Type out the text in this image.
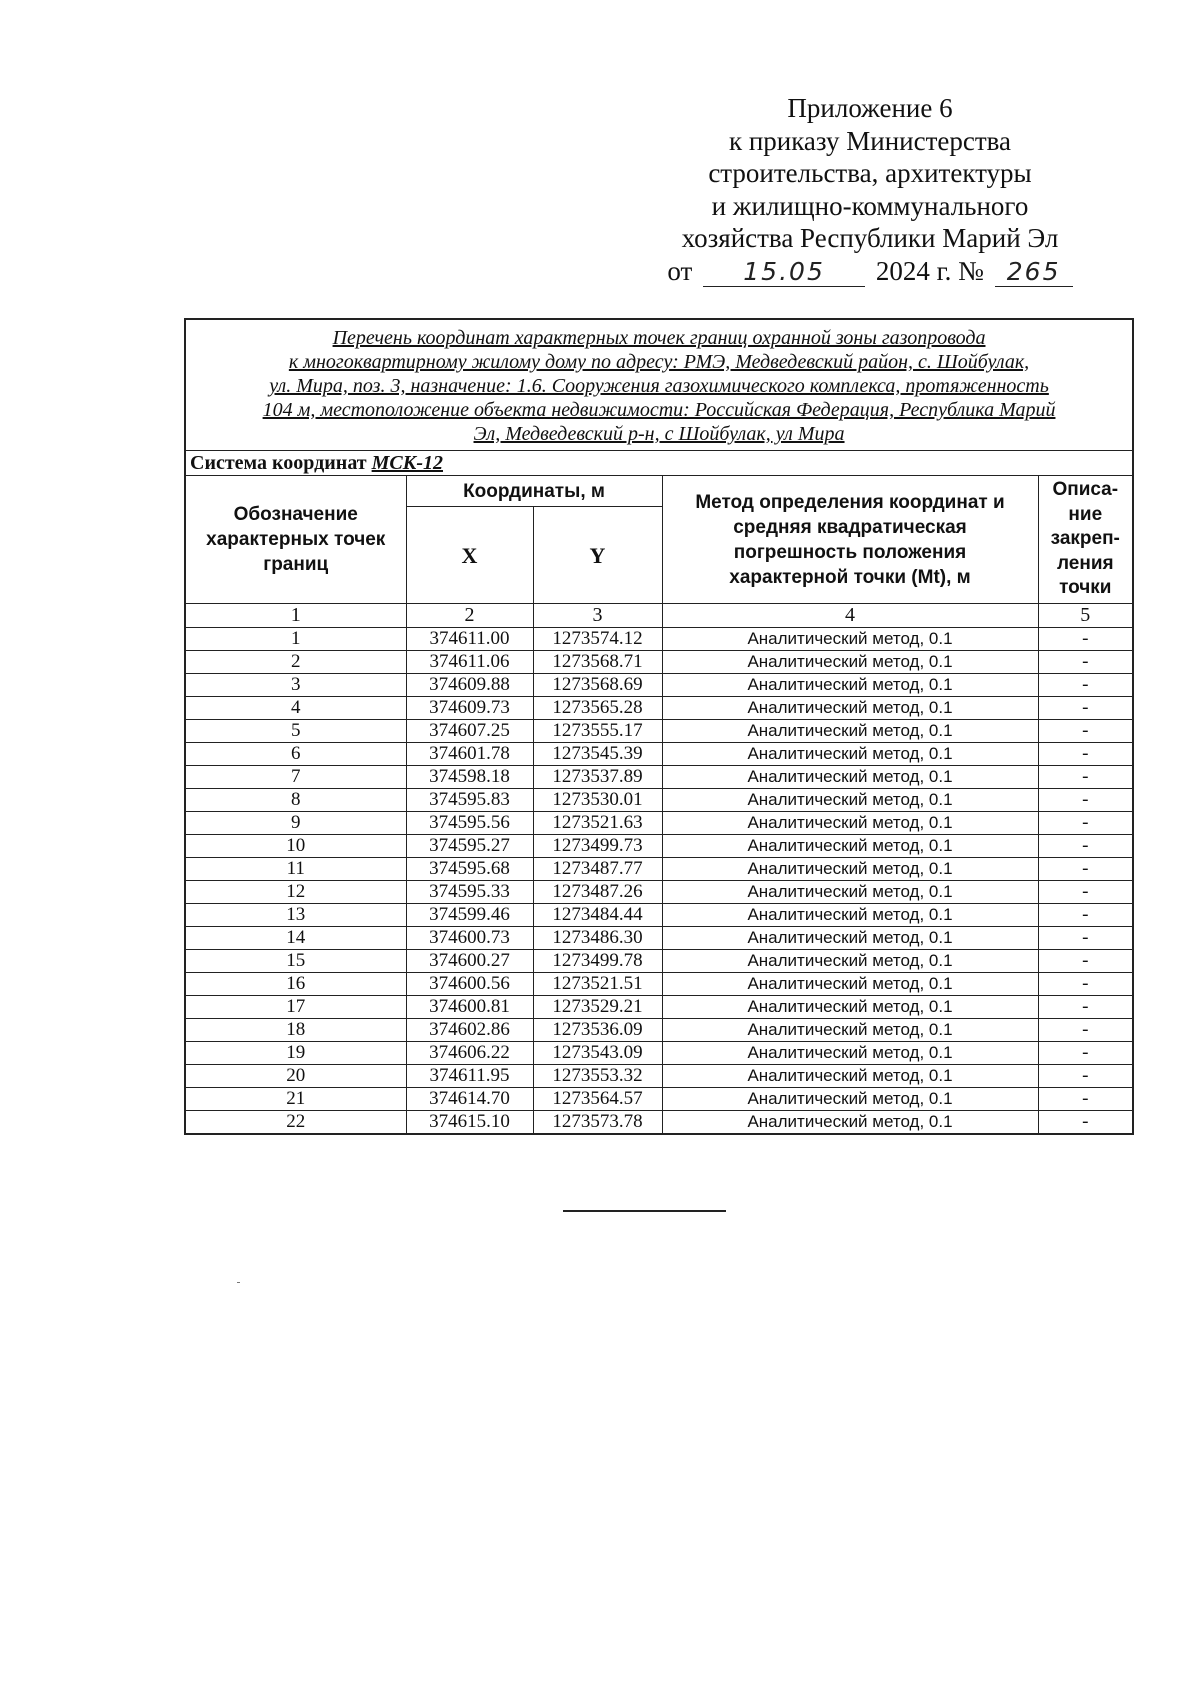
Приложение 6
к приказу Министерства
строительства, архитектуры
и жилищно-коммунального
хозяйства Республики Марий Эл
от 15.05 2024 г. № 265
Перечень координат характерных точек границ охранной зоны газопровода
к многоквартирному жилому дому по адресу: РМЭ, Медведевский район, с. Шойбулак,
ул. Мира, поз. 3, назначение: 1.6. Сооружения газохимического комплекса, протяженность
104 м, местоположение объекта недвижимости: Российская Федерация, Республика Марий
Эл, Медведевский р-н, с Шойбулак, ул Мира				

Система координат МСК-12				
Обозначение характерных точек границ	Координаты, м		Метод определения координат и средняя квадратическая погрешность положения характерной точки (Mt), м	Описа-
ние
закреп-
ления
точки

	X	Y		
1	2	3	4	5
1	374611.00	1273574.12	Аналитический метод, 0.1	-
2	374611.06	1273568.71	Аналитический метод, 0.1	-
3	374609.88	1273568.69	Аналитический метод, 0.1	-
4	374609.73	1273565.28	Аналитический метод, 0.1	-
5	374607.25	1273555.17	Аналитический метод, 0.1	-
6	374601.78	1273545.39	Аналитический метод, 0.1	-
7	374598.18	1273537.89	Аналитический метод, 0.1	-
8	374595.83	1273530.01	Аналитический метод, 0.1	-
9	374595.56	1273521.63	Аналитический метод, 0.1	-
10	374595.27	1273499.73	Аналитический метод, 0.1	-
11	374595.68	1273487.77	Аналитический метод, 0.1	-
12	374595.33	1273487.26	Аналитический метод, 0.1	-
13	374599.46	1273484.44	Аналитический метод, 0.1	-
14	374600.73	1273486.30	Аналитический метод, 0.1	-
15	374600.27	1273499.78	Аналитический метод, 0.1	-
16	374600.56	1273521.51	Аналитический метод, 0.1	-
17	374600.81	1273529.21	Аналитический метод, 0.1	-
18	374602.86	1273536.09	Аналитический метод, 0.1	-
19	374606.22	1273543.09	Аналитический метод, 0.1	-
20	374611.95	1273553.32	Аналитический метод, 0.1	-
21	374614.70	1273564.57	Аналитический метод, 0.1	-
22	374615.10	1273573.78	Аналитический метод, 0.1	-
